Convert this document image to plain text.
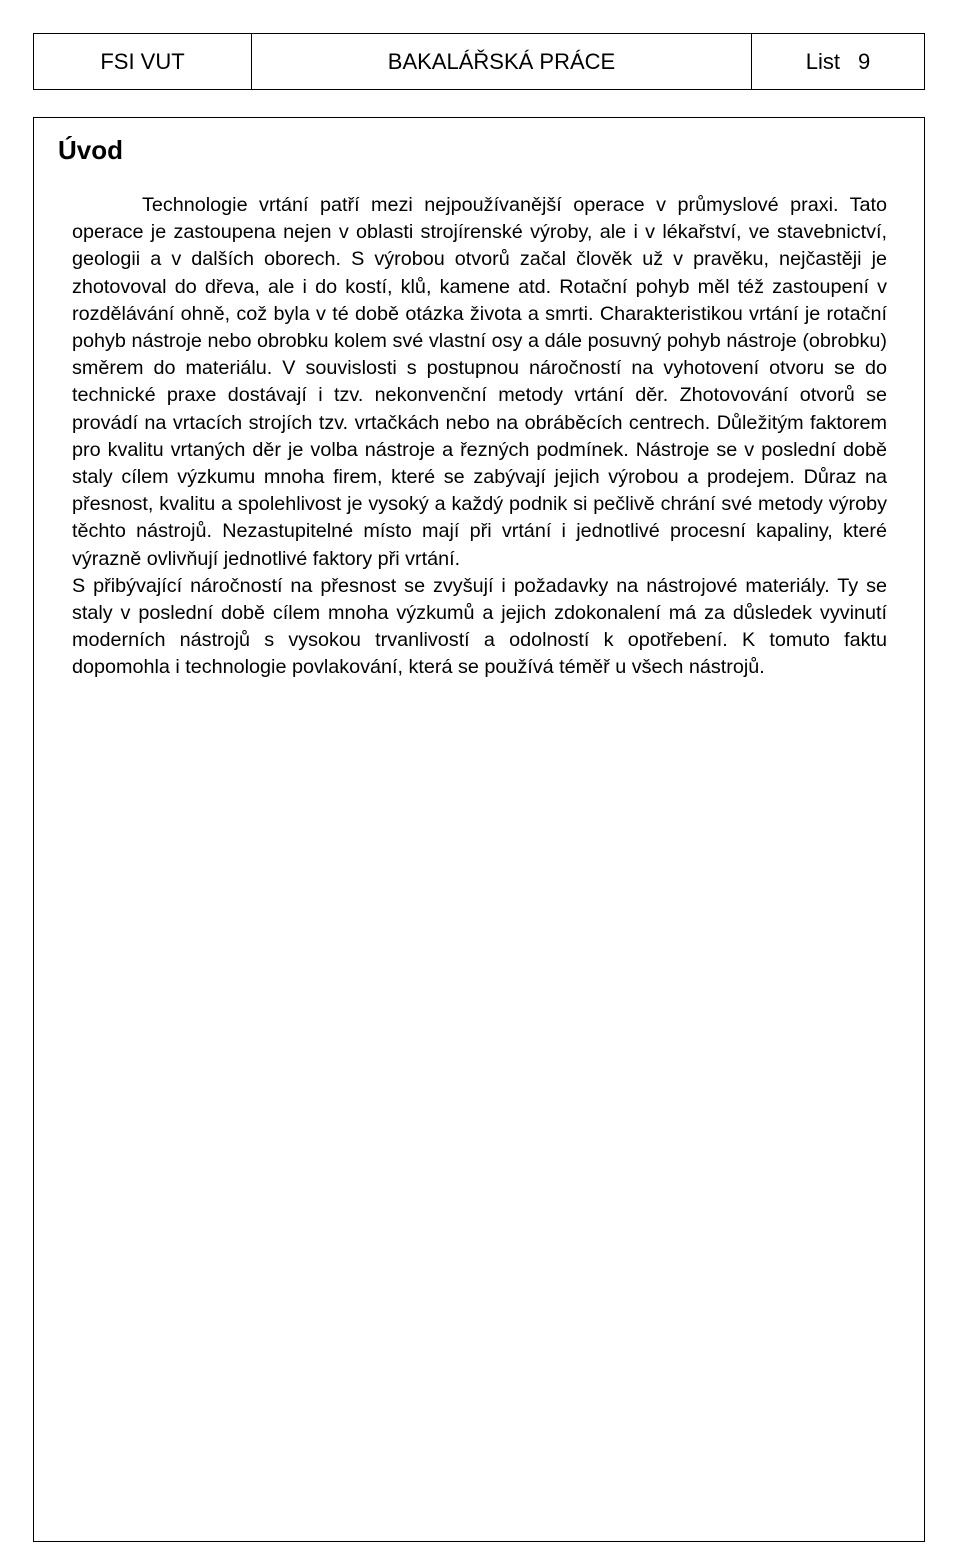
FSI VUT	BAKALÁŘSKÁ PRÁCE	List 9
Úvod

Technologie vrtání patří mezi nejpoužívanější operace v průmyslové praxi. Tato operace je zastoupena nejen v oblasti strojírenské výroby, ale i v lékařství, ve stavebnictví, geologii a v dalších oborech. S výrobou otvorů začal člověk už v pravěku, nejčastěji je zhotovoval do dřeva, ale i do kostí, klů, kamene atd. Rotační pohyb měl též zastoupení v rozdělávání ohně, což byla v té době otázka života a smrti. Charakteristikou vrtání je rotační pohyb nástroje nebo obrobku kolem své vlastní osy a dále posuvný pohyb nástroje (obrobku) směrem do materiálu. V souvislosti s postupnou náročností na vyhotovení otvoru se do technické praxe dostávají i tzv. nekonvenční metody vrtání děr. Zhotovování otvorů se provádí na vrtacích strojích tzv. vrtačkách nebo na obráběcích centrech. Důležitým faktorem pro kvalitu vrtaných děr je volba nástroje a řezných podmínek. Nástroje se v poslední době staly cílem výzkumu mnoha firem, které se zabývají jejich výrobou a prodejem. Důraz na přesnost, kvalitu a spolehlivost je vysoký a každý podnik si pečlivě chrání své metody výroby těchto nástrojů. Nezastupitelné místo mají při vrtání i jednotlivé procesní kapaliny, které výrazně ovlivňují jednotlivé faktory při vrtání.

S přibývající náročností na přesnost se zvyšují i požadavky na nástrojové materiály. Ty se staly v poslední době cílem mnoha výzkumů a jejich zdokonalení má za důsledek vyvinutí moderních nástrojů s vysokou trvanlivostí a odolností k opotřebení. K tomuto faktu dopomohla i technologie povlakování, která se používá téměř u všech nástrojů.
